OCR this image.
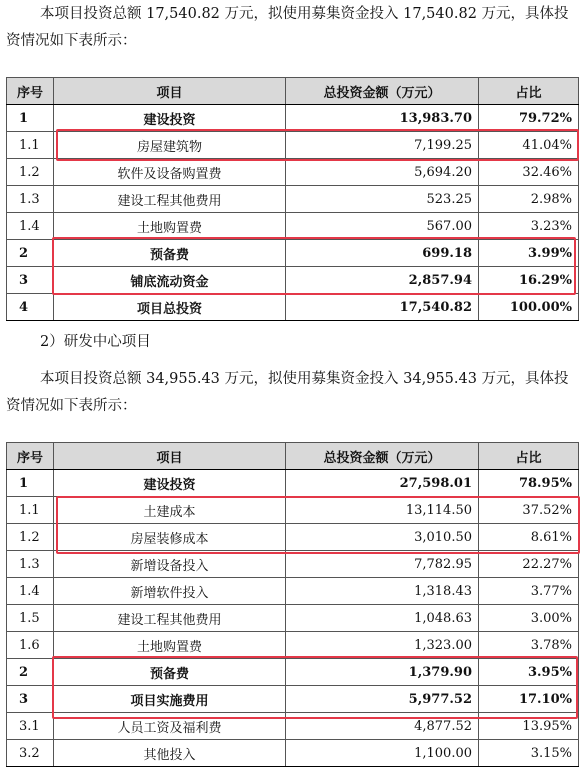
本项目投资总额 17,540.82 万元，拟使用募集资金投入 17,540.82 万元，具体投资情况如下表所示：

序号	项目	总投资金额（万元）	占比
1	建设投资	13,983.70	79.72%
1.1	房屋建筑物	7,199.25	41.04%
1.2	软件及设备购置费	5,694.20	32.46%
1.3	建设工程其他费用	523.25	2.98%
1.4	土地购置费	567.00	3.23%
2	预备费	699.18	3.99%
3	铺底流动资金	2,857.94	16.29%
4	项目总投资	17,540.82	100.00%

2）研发中心项目

本项目投资总额 34,955.43 万元，拟使用募集资金投入 34,955.43 万元，具体投资情况如下表所示：

序号	项目	总投资金额（万元）	占比
1	建设投资	27,598.01	78.95%
1.1	土建成本	13,114.50	37.52%
1.2	房屋装修成本	3,010.50	8.61%
1.3	新增设备投入	7,782.95	22.27%
1.4	新增软件投入	1,318.43	3.77%
1.5	建设工程其他费用	1,048.63	3.00%
1.6	土地购置费	1,323.00	3.78%
2	预备费	1,379.90	3.95%
3	项目实施费用	5,977.52	17.10%
3.1	人员工资及福利费	4,877.52	13.95%
3.2	其他投入	1,100.00	3.15%
